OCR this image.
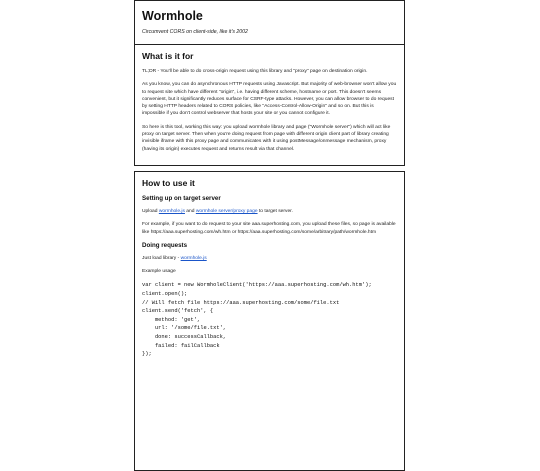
Wormhole

Circumvent CORS on client-side, like it's 2002

What is it for

TL;DR - You'll be able to do cross-origin request using this library and "proxy" page on destination origin.

As you know, you can do asynchronous HTTP requests using Javascript. But majority of web-browser won't allow you to request site which have different "origin", i.e. having different scheme, hostname or port. This doesn't seems convenient, but it significantly reduces surface for CSRF-type attacks. However, you can allow browser to do request by setting HTTP headers related to CORS policies, like "Access-Control-Allow-Origin" and so on. But this is impossible if you don't control webserver that hosts your site or you cannot configure it.

So here is this tool, working this way: you upload wormhole library and page ("Wormhole server") which will act like proxy on target server. Then when you're doing request from page with different origin client part of library creating invisible iframe with this proxy page and communicates with it using postMessage/onmessage mechanism, proxy (having its origin) executes request and returns result via that channel.

How to use it
Setting up on target server

Upload wormhole.js and wormhole server/proxy page to target server.

For example, if you want to do request to your site aaa.superhosting.com, you upload these files, so page is available like https://aaa.superhosting.com/wh.htm or https://aaa.superhosting.com/some/arbitrary/path/wormhole.htm

Doing requests

Just load library - wormhole.js

Example usage

var client = new WormholeClient('https://aaa.superhosting.com/wh.htm');
client.open();
// Will fetch file https://aaa.superhosting.com/some/file.txt
client.send('fetch', {
method: 'get',
url: '/some/file.txt',
done: successCallback,
failed: failCallback
});
